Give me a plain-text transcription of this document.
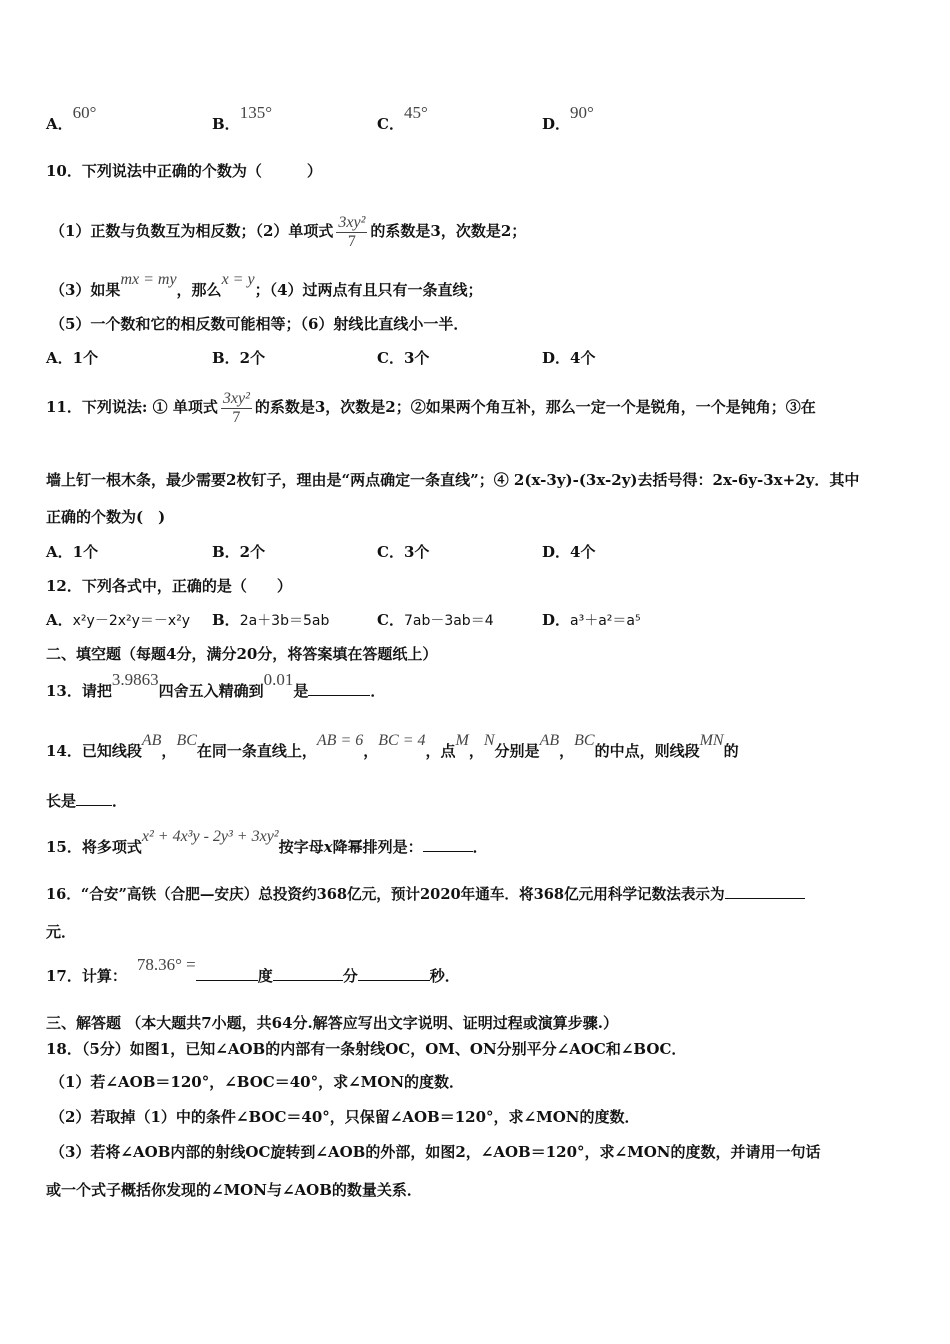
A．60°
B．135°
C．45°
D．90°
10．下列说法中正确的个数为（　　　）
（1）正数与负数互为相反数；（2）单项式 $\frac{\text{3xy²}}{7}$ 的系数是3，次数是2；
（3）如果mx = my，那么x = y；（4）过两点有且只有一条直线；
（5）一个数和它的相反数可能相等；（6）射线比直线小一半．
A．1个	B．2个	C．3个	D．4个
11．下列说法: ① 单项式 $\frac{\text{3xy²}}{7}$ 的系数是3，次数是2；②如果两个角互补，那么一定一个是锐角，一个是钝角；③在
墙上钉一根木条，最少需要2枚钉子，理由是“两点确定一条直线”；④ 2(x-3y)-(3x-2y)去括号得：2x-6y-3x+2y．其中
正确的个数为(　)
A．1个	B．2个	C．3个	D．4个
12．下列各式中，正确的是（　　）
A．x²y－2x²y＝－x²y B．2a＋3b＝5ab	C．7ab－3ab＝4	D．a³＋a²＝a⁵
二、填空题（每题4分，满分20分，将答案填在答题纸上）
13．请把3.9863四舍五入精确到0.01是	．
14．已知线段AB，BC在同一条直线上，AB = 6，BC = 4，点M，N分别是AB，BC的中点，则线段MN的
长是 ．
15．将多项式x² + 4x³y - 2y³ + 3xy²按字母x降幂排列是：	．
16．“合安”高铁（合肥—安庆）总投资约368亿元，预计2020年通车．将368亿元用科学记数法表示为
元．
17．计算：78.36° =度	分	秒．
三、解答题 （本大题共7小题，共64分.解答应写出文字说明、证明过程或演算步骤.）
18．（5分）如图1，已知∠AOB的内部有一条射线OC，OM、ON分别平分∠AOC和∠BOC．
（1）若∠AOB＝120°，∠BOC＝40°，求∠MON的度数．
（2）若取掉（1）中的条件∠BOC＝40°，只保留∠AOB＝120°，求∠MON的度数．
（3）若将∠AOB内部的射线OC旋转到∠AOB的外部，如图2，∠AOB＝120°，求∠MON的度数，并请用一句话
或一个式子概括你发现的∠MON与∠AOB的数量关系．
